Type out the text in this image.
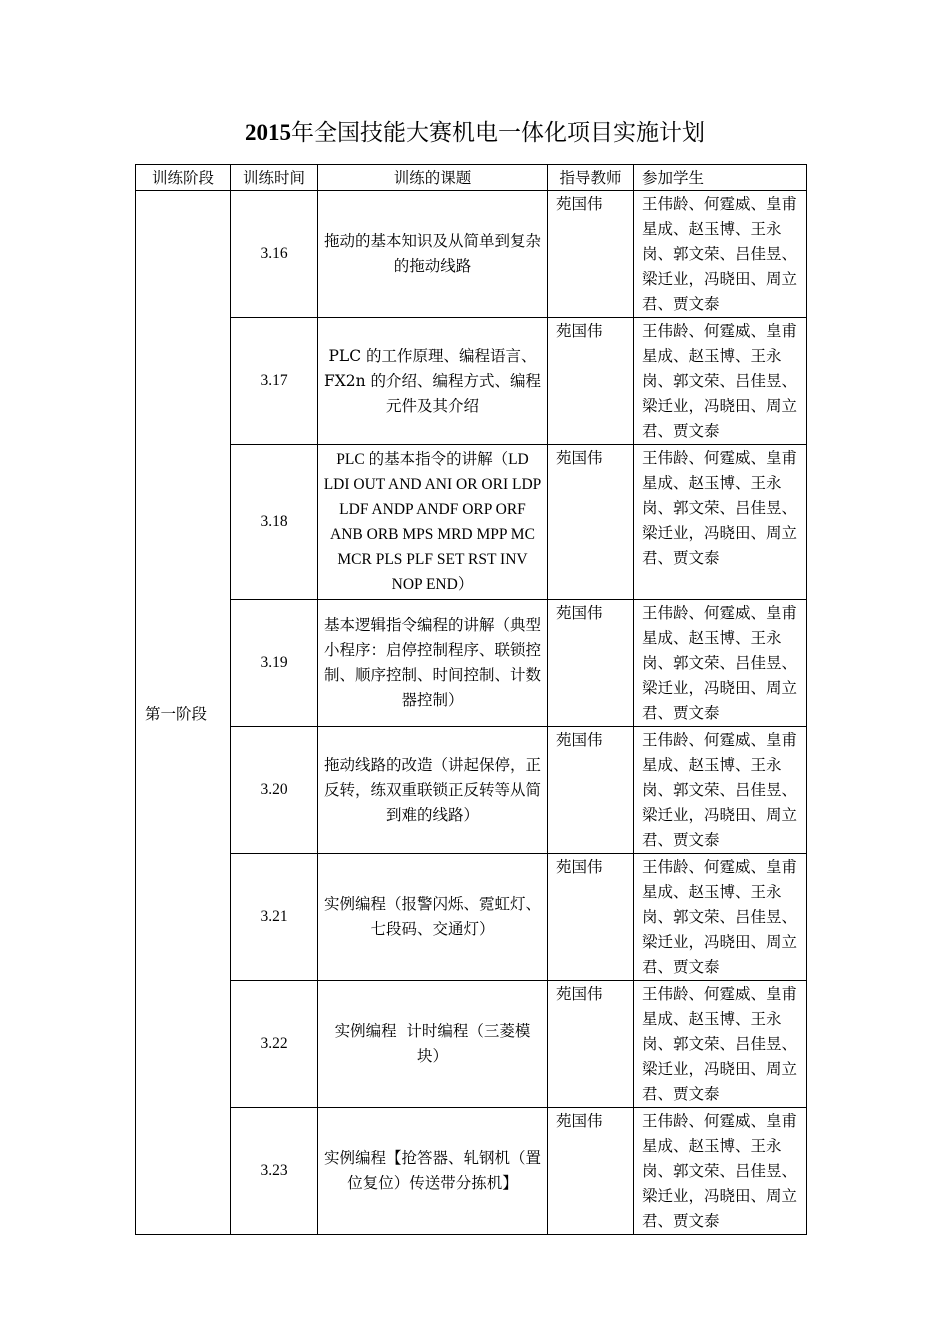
2015年全国技能大赛机电一体化项目实施计划
训练阶段	训练时间	训练的课题	指导教师	参加学生
第一阶段	3.16	拖动的基本知识及从简单到复杂的拖动线路	苑国伟	王伟龄、何霆威、皇甫星成、赵玉博、王永岗、郭文荣、吕佳昱、梁迁业，冯晓田、周立君、贾文泰
	3.17	PLC 的工作原理、编程语言、FX2n 的介绍、编程方式、编程元件及其介绍	苑国伟	王伟龄、何霆威、皇甫星成、赵玉博、王永岗、郭文荣、吕佳昱、梁迁业，冯晓田、周立君、贾文泰
	3.18	PLC 的基本指令的讲解（LD LDI OUT AND ANI OR ORI LDP LDF ANDP ANDF ORP ORF ANB ORB MPS MRD MPP MC MCR PLS PLF SET RST INV NOP END）	苑国伟	王伟龄、何霆威、皇甫星成、赵玉博、王永岗、郭文荣、吕佳昱、梁迁业，冯晓田、周立君、贾文泰
	3.19	基本逻辑指令编程的讲解（典型小程序：启停控制程序、联锁控制、顺序控制、时间控制、计数器控制）	苑国伟	王伟龄、何霆威、皇甫星成、赵玉博、王永岗、郭文荣、吕佳昱、梁迁业，冯晓田、周立君、贾文泰
	3.20	拖动线路的改造（讲起保停，正反转，练双重联锁正反转等从简到难的线路）	苑国伟	王伟龄、何霆威、皇甫星成、赵玉博、王永岗、郭文荣、吕佳昱、梁迁业，冯晓田、周立君、贾文泰
	3.21	实例编程（报警闪烁、霓虹灯、七段码、交通灯）	苑国伟	王伟龄、何霆威、皇甫星成、赵玉博、王永岗、郭文荣、吕佳昱、梁迁业，冯晓田、周立君、贾文泰
	3.22	实例编程  计时编程（三菱模块）	苑国伟	王伟龄、何霆威、皇甫星成、赵玉博、王永岗、郭文荣、吕佳昱、梁迁业，冯晓田、周立君、贾文泰
	3.23	实例编程【抢答器、轧钢机（置位复位）传送带分拣机】	苑国伟	王伟龄、何霆威、皇甫星成、赵玉博、王永岗、郭文荣、吕佳昱、梁迁业，冯晓田、周立君、贾文泰
